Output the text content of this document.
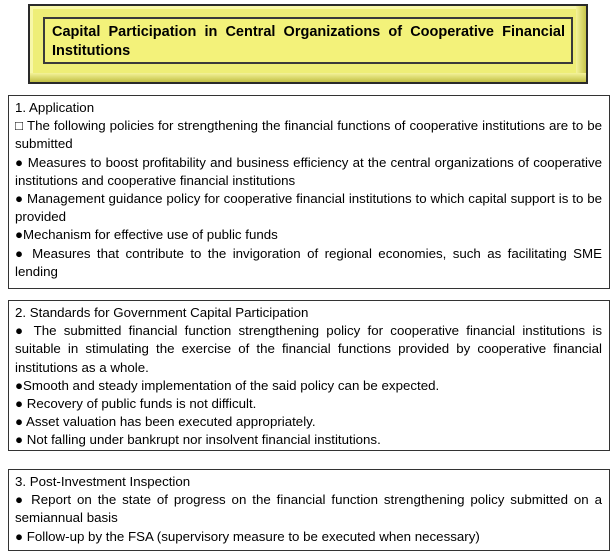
Capital Participation in Central Organizations of Cooperative Financial Institutions
1. Application
□ The following policies for strengthening the financial functions of cooperative institutions are to be submitted
● Measures to boost profitability and business efficiency at the central organizations of cooperative institutions and cooperative financial institutions
● Management guidance policy for cooperative financial institutions to which capital support is to be provided
●Mechanism for effective use of public funds
● Measures that contribute to the invigoration of regional economies, such as facilitating SME lending
2. Standards for Government Capital Participation
● The submitted financial function strengthening policy for cooperative financial institutions is suitable in stimulating the exercise of the financial functions provided by cooperative financial institutions as a whole.
●Smooth and steady implementation of the said policy can be expected.
● Recovery of public funds is not difficult.
● Asset valuation has been executed appropriately.
● Not falling under bankrupt nor insolvent financial institutions.
3. Post-Investment Inspection
● Report on the state of progress on the financial function strengthening policy submitted on a semiannual basis
● Follow-up by the FSA (supervisory measure to be executed when necessary)
